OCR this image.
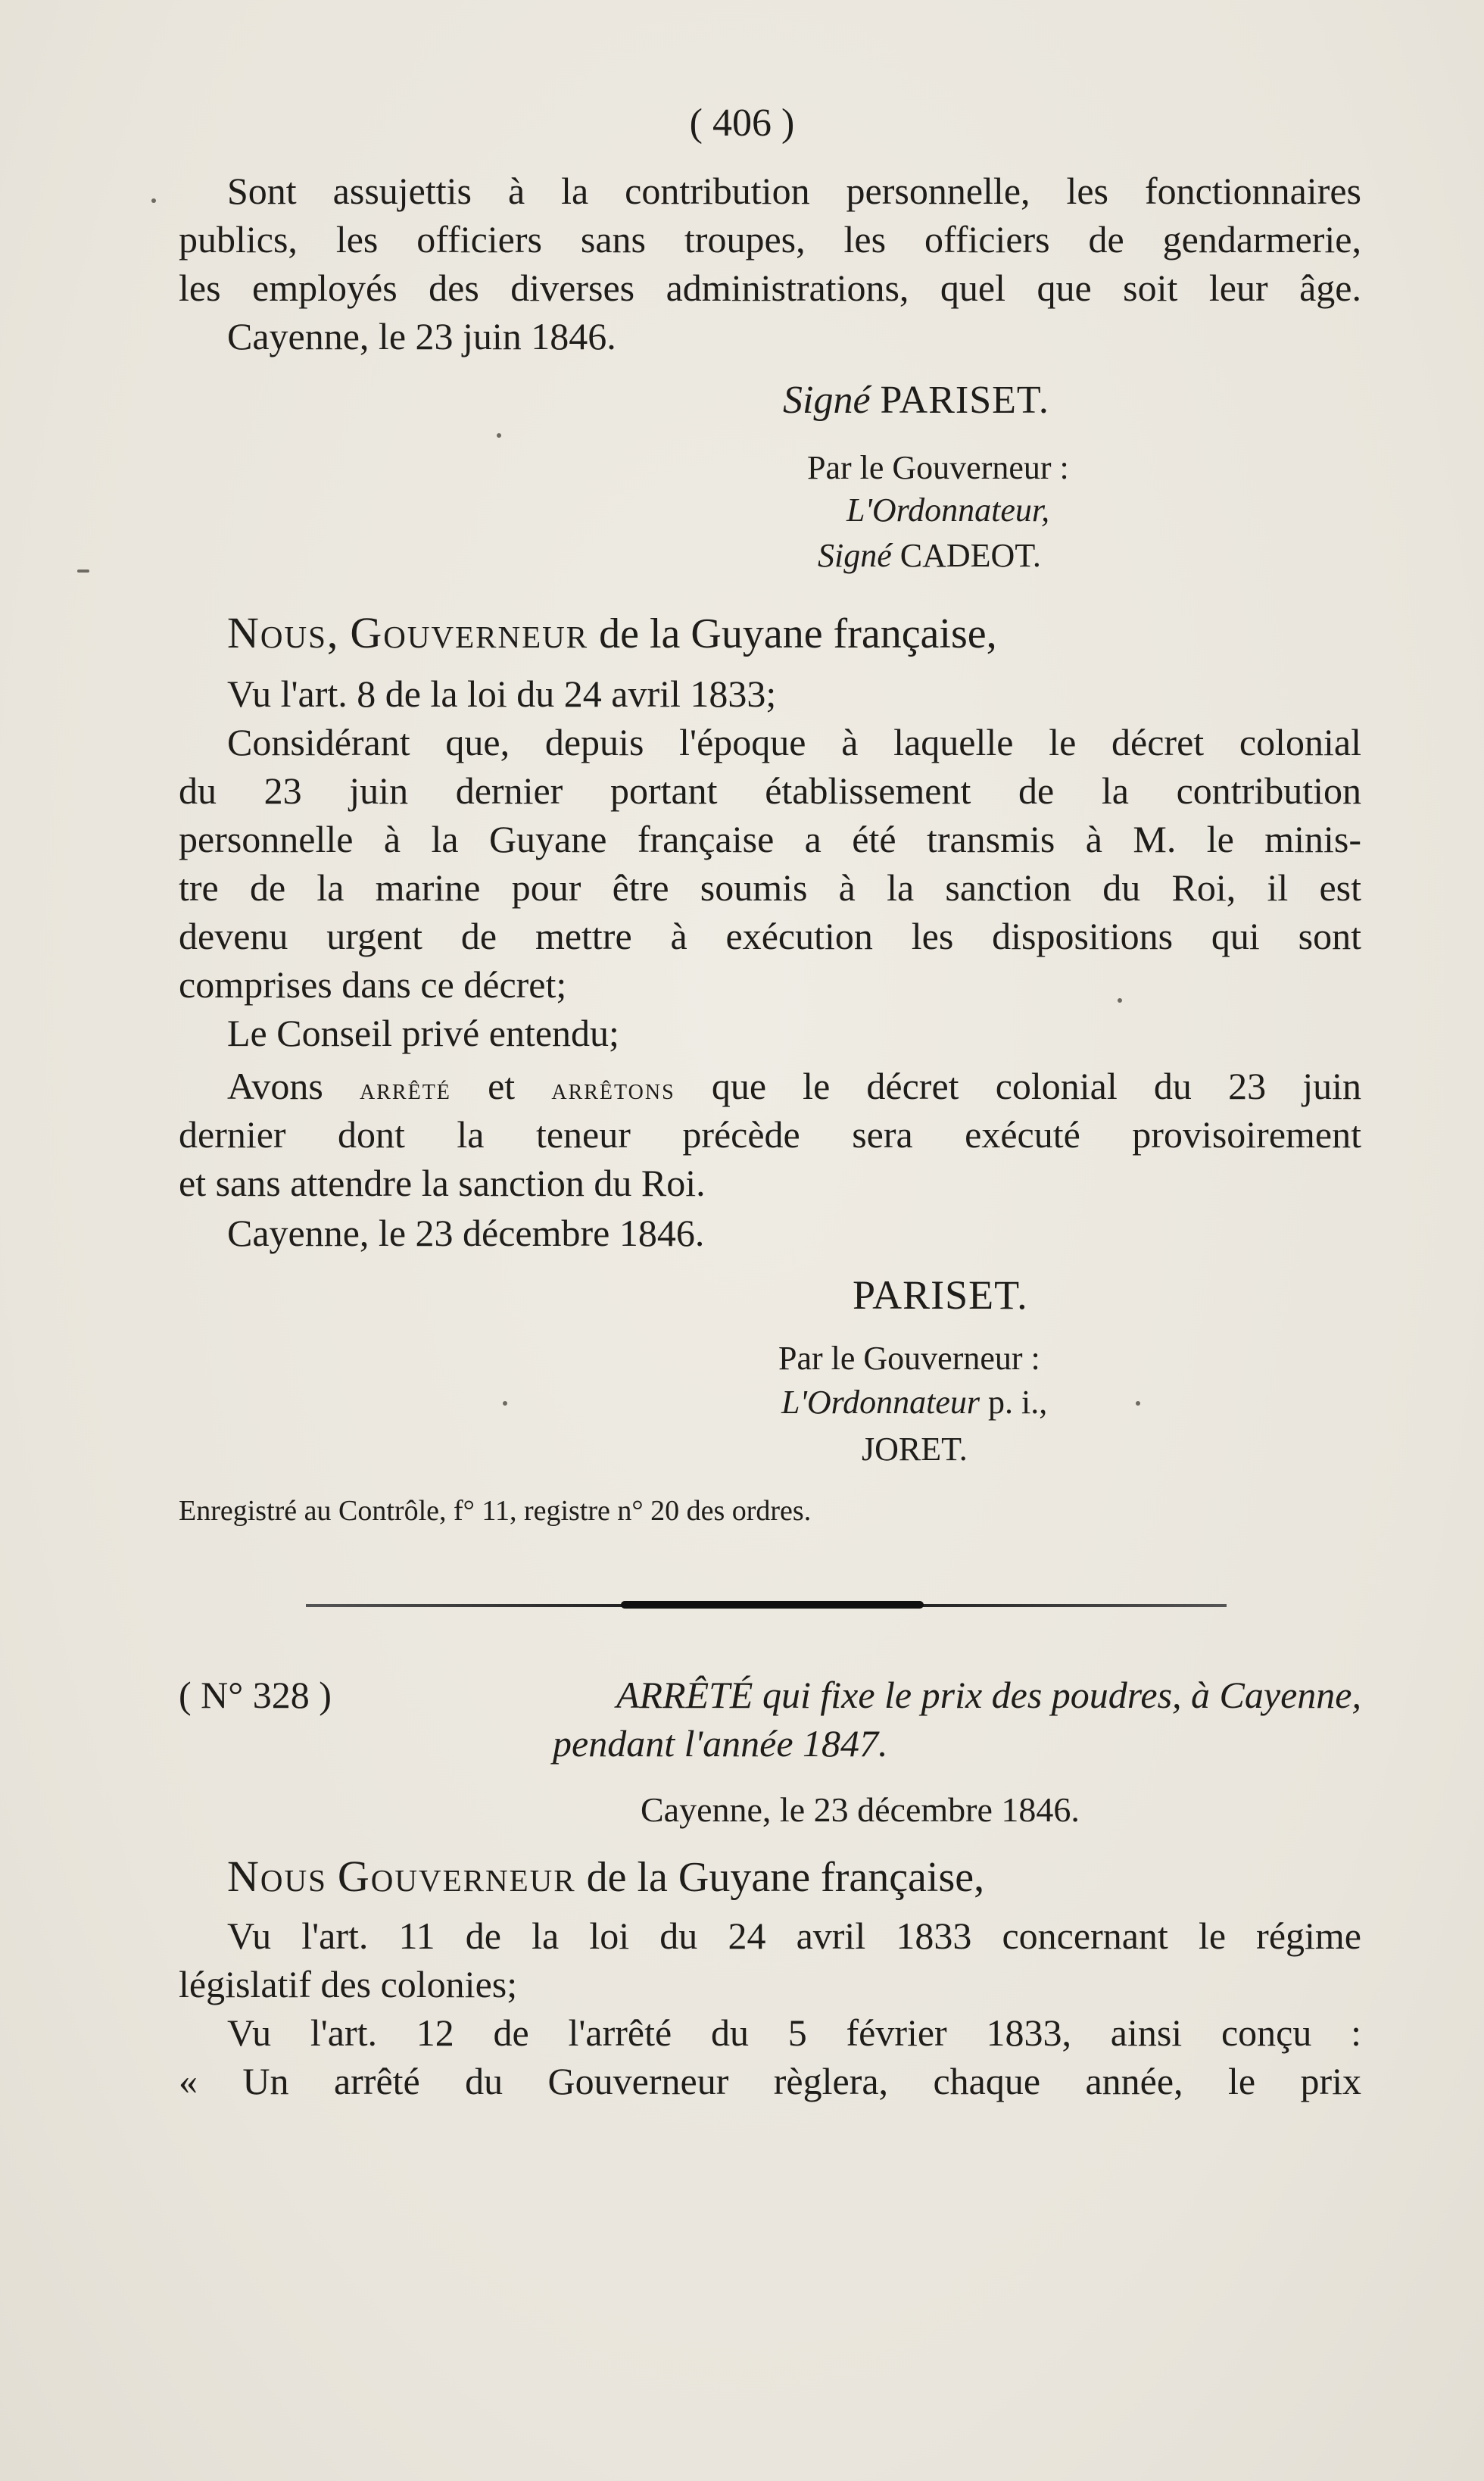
( 406 )
Sont assujettis à la contribution personnelle, les fonctionnaires
publics, les officiers sans troupes, les officiers de gendarmerie,
les employés des diverses administrations, quel que soit leur âge.
Cayenne, le 23 juin 1846.
Signé PARISET.
Par le Gouverneur :
L'Ordonnateur,
Signé CADEOT.
Nous, Gouverneur de la Guyane française,
Vu l'art. 8 de la loi du 24 avril 1833;
Considérant que, depuis l'époque à laquelle le décret colonial
du 23 juin dernier portant établissement de la contribution
personnelle à la Guyane française a été transmis à M. le minis-
tre de la marine pour être soumis à la sanction du Roi, il est
devenu urgent de mettre à exécution les dispositions qui sont
comprises dans ce décret;
Le Conseil privé entendu;
Avons arrêté et arrêtons que le décret colonial du 23 juin
dernier dont la teneur précède sera exécuté provisoirement
et sans attendre la sanction du Roi.
Cayenne, le 23 décembre 1846.
PARISET.
Par le Gouverneur :
L'Ordonnateur p. i.,
JORET.
Enregistré au Contrôle, f° 11, registre n° 20 des ordres.
( N° 328 )	ARRÊTÉ qui fixe le prix des poudres, à Cayenne,
pendant l'année 1847.
Cayenne, le 23 décembre 1846.
Nous Gouverneur de la Guyane française,
Vu l'art. 11 de la loi du 24 avril 1833 concernant le régime
législatif des colonies;
Vu l'art. 12 de l'arrêté du 5 février 1833, ainsi conçu :
« Un arrêté du Gouverneur règlera, chaque année, le prix
